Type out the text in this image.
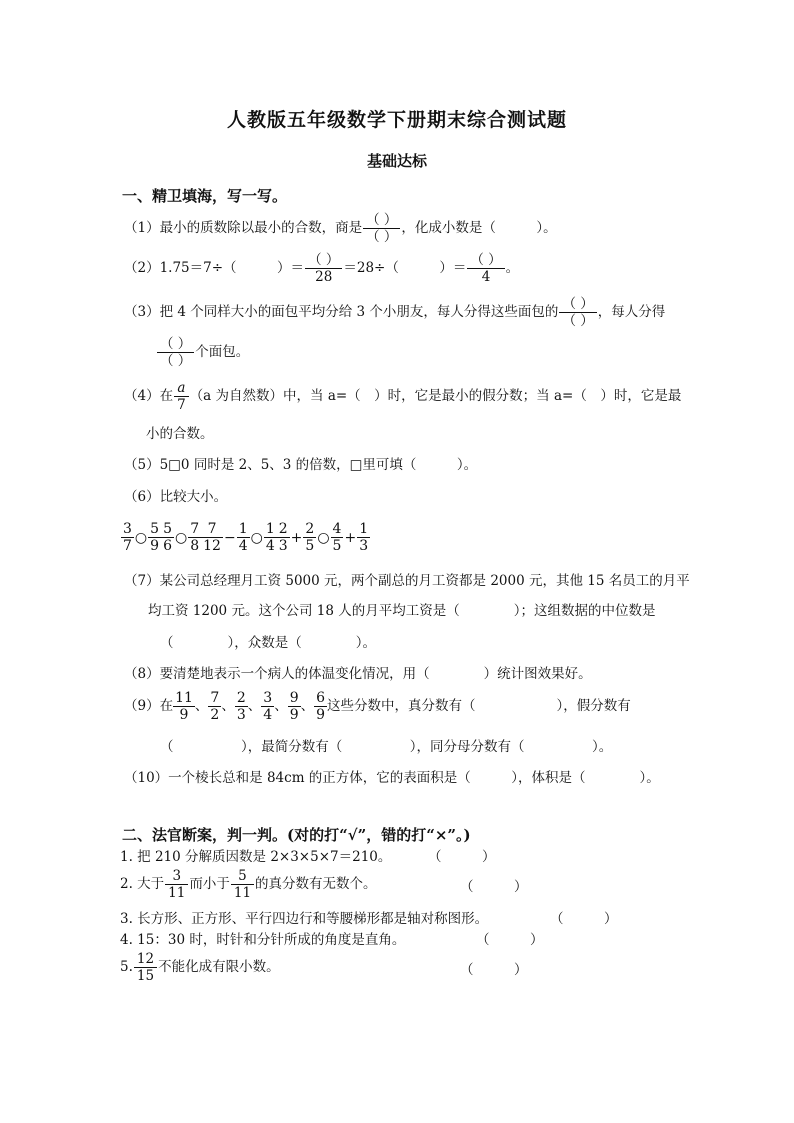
人教版五年级数学下册期末综合测试题
基础达标
一、精卫填海，写一写。
（1）最小的质数除以最小的合数，商是 $\frac{( )}{( )}$ ，化成小数是（　　　）。
（2）1.75＝7÷（　　　）＝ $\frac{( )}{28} =28\div$（　　　）＝ $\frac{( )}{4}$ 。
（3）把 4 个同样大小的面包平均分给 3 个小朋友，每人分得这些面包的 $\frac{( )}{( )}$ ，每人分得
$\frac{( )}{( )}$ 个面包。
（4）在 $\frac{a}{7} (a$ 为自然数）中，当 a=（　）时，它是最小的假分数；当 a=（　）时，它是最
小的合数。
（5）5□0 同时是 2、5、3 的倍数，□里可填（　　　）。
（6）比较大小。
$\frac{3}{7}$ ○ $\frac{5}{9} \frac{5}{6}$ ○ $\frac{7}{8} \frac{7}{12} - \frac{1}{4}$ ○ $\frac{1}{4} \frac{2}{3} + \frac{2}{5}$ ○ $\frac{4}{5} + \frac{1}{3}$
（7）某公司总经理月工资 5000 元，两个副总的月工资都是 2000 元，其他 15 名员工的月平
均工资 1200 元。这个公司 18 人的月平均工资是（　　　　）；这组数据的中位数是
（　　　　），众数是（　　　　）。
（8）要清楚地表示一个病人的体温变化情况，用（　　　　）统计图效果好。
（9）在 $\frac{11}{9}$ 、 $\frac{7}{2}$ 、 $\frac{2}{3}$ 、 $\frac{3}{4}$ 、 $\frac{9}{9}$ 、 $\frac{6}{9}$ 这些分数中，真分数有（　　　　　　），假分数有
（　　　　　），最简分数有（　　　　　），同分母分数有（　　　　　）。
（10）一个棱长总和是 84cm 的正方体，它的表面积是（　　　），体积是（　　　　）。
二、法官断案，判一判。(对的打“√”，错的打“×”。)
1. 把 210 分解质因数是 2×3×5×7＝210。	（　　　）
2. 大于 $\frac{3}{11}$ 而小于 $\frac{5}{11}$ 的真分数有无数个。	（　　　）
3. 长方形、正方形、平行四边行和等腰梯形都是轴对称图形。	（　　　）
4. 15：30 时，时针和分针所成的角度是直角。	（　　　）
5. $\frac{12}{15}$ 不能化成有限小数。	（　　　）
